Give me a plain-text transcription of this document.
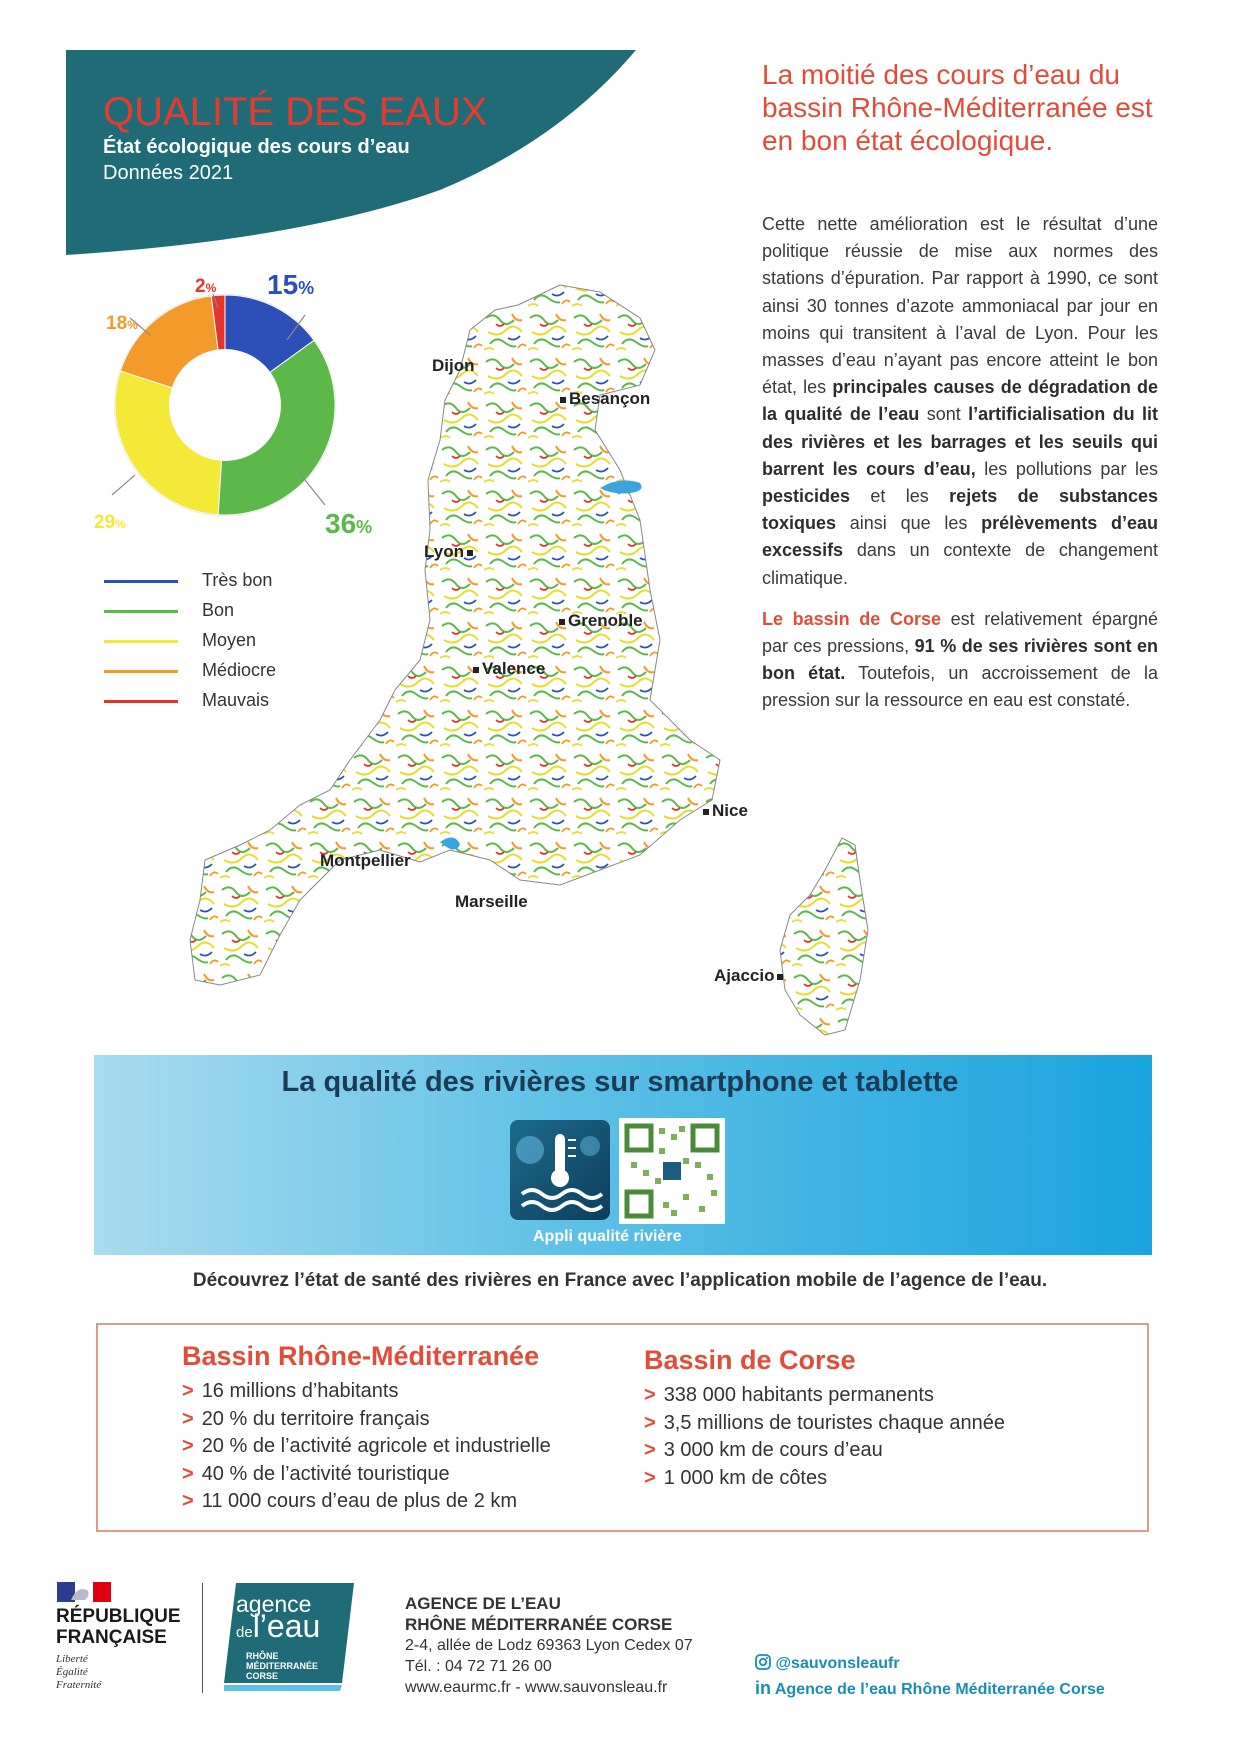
QUALITÉ DES EAUX
État écologique des cours d’eau
Données 2021
La moitié des cours d’eau du bassin Rhône-Méditerranée est en bon état écologique.

Cette nette amélioration est le résultat d’une politique réussie de mise aux normes des stations d’épuration. Par rapport à 1990, ce sont ainsi 30 tonnes d’azote ammoniacal par jour en moins qui transitent à l’aval de Lyon. Pour les masses d’eau n’ayant pas encore atteint le bon état, les principales causes de dégradation de la qualité de l’eau sont l’artificialisation du lit des rivières et les barrages et les seuils qui barrent les cours d’eau, les pollutions par les pesticides et les rejets de substances toxiques ainsi que les prélèvements d’eau excessifs dans un contexte de changement climatique.

Le bassin de Corse est relativement épargné par ces pressions, 91 % de ses rivières sont en bon état. Toutefois, un accroissement de la pression sur la ressource en eau est constaté.

2% 15%
18%
29%	36%
Très bon
Bon
Moyen
Médiocre
Mauvais
Dijon
Besançon
Lyon
Grenoble
Valence
Nice
Montpellier
Marseille
Ajaccio
La qualité des rivières sur smartphone et tablette
Appli qualité rivière
Découvrez l’état de santé des rivières en France avec l’application mobile de l’agence de l’eau.
Bassin Rhône-Méditerranée
> 16 millions d’habitants
> 20 % du territoire français
> 20 % de l’activité agricole et industrielle
> 40 % de l’activité touristique
> 11 000 cours d’eau de plus de 2 km
Bassin de Corse
> 338 000 habitants permanents
> 3,5 millions de touristes chaque année
> 3 000 km de cours d’eau
> 1 000 km de côtes
RÉPUBLIQUE
FRANÇAISE
Liberté
Égalité
Fraternité
agence
del’eau
RHÔNE
MÉDITERRANÉE
CORSE
AGENCE DE L’EAU
RHÔNE MÉDITERRANÉE CORSE
2-4, allée de Lodz 69363 Lyon Cedex 07
Tél. : 04 72 71 26 00
www.eaurmc.fr - www.sauvonsleau.fr
@sauvonsleaufr
in Agence de l’eau Rhône Méditerranée Corse
